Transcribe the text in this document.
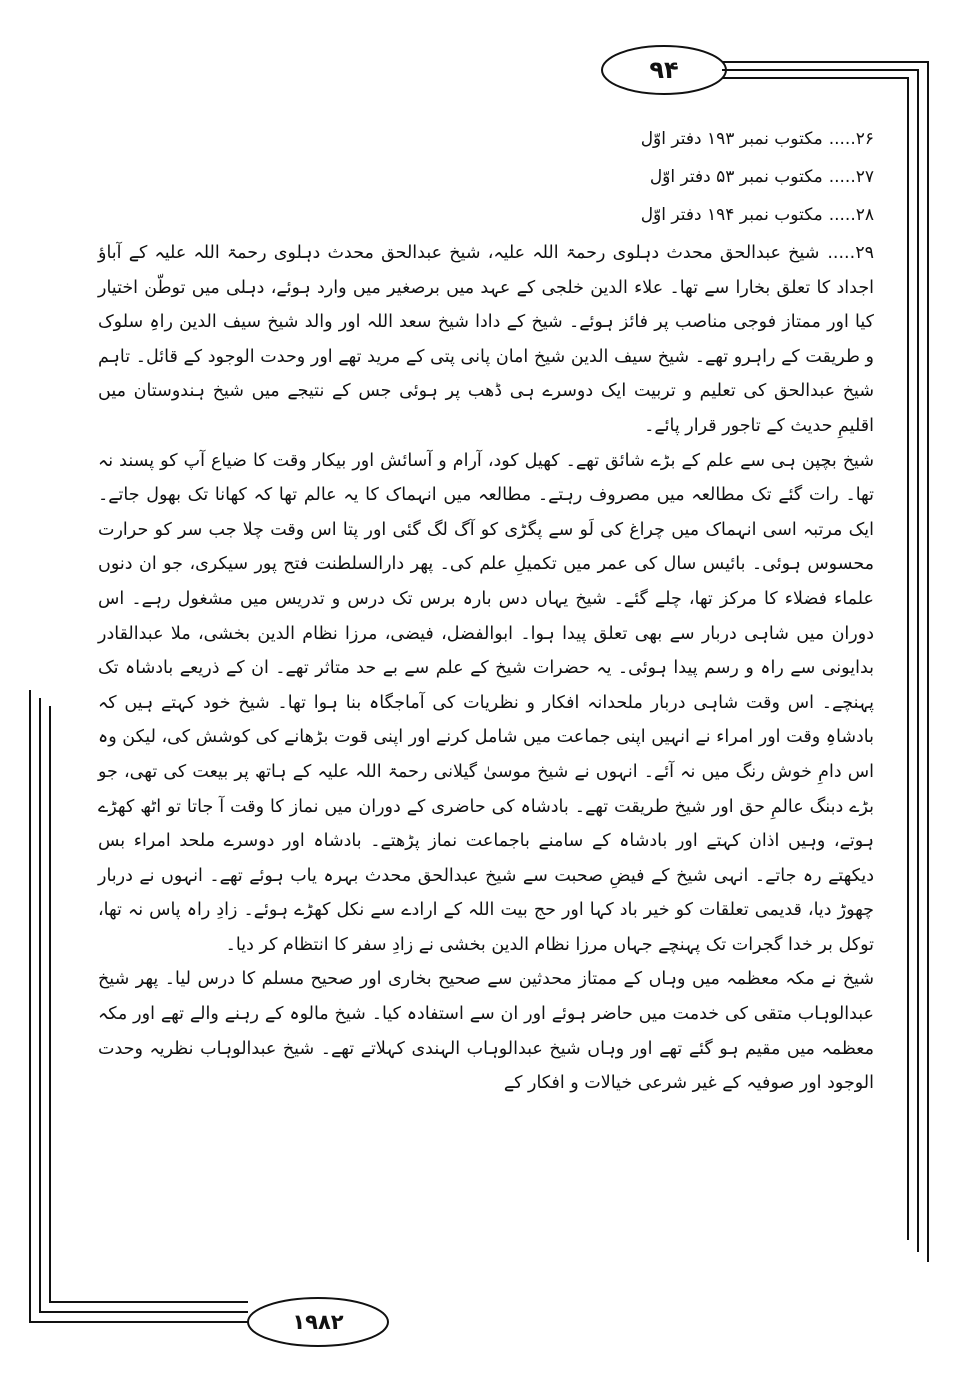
۹۴
۲۶.....مکتوب نمبر ۱۹۳ دفتر اوّل
۲۷.....مکتوب نمبر ۵۳ دفتر اوّل
۲۸.....مکتوب نمبر ۱۹۴ دفتر اوّل

۲۹.....
شیخ عبدالحق محدث دہلوی رحمۃ اللہ علیہ، شیخ عبدالحق محدث دہلوی رحمۃ اللہ علیہ کے آباؤ اجداد کا تعلق بخارا سے تھا۔ علاء الدین خلجی کے عہد میں برصغیر میں وارد ہوئے، دہلی میں توطّن اختیار کیا اور ممتاز فوجی مناصب پر فائز ہوئے۔ شیخ کے دادا شیخ سعد اللہ اور والد شیخ سیف الدین راہِ سلوک و طریقت کے راہرو تھے۔ شیخ سیف الدین شیخ امان پانی پتی کے مرید تھے اور وحدت الوجود کے قائل۔ تاہم شیخ عبدالحق کی تعلیم و تربیت ایک دوسرے ہی ڈھب پر ہوئی جس کے نتیجے میں شیخ ہندوستان میں اقلیمِ حدیث کے تاجور قرار پائے۔

شیخ بچپن ہی سے علم کے بڑے شائق تھے۔ کھیل کود، آرام و آسائش اور بیکار وقت کا ضیاع آپ کو پسند نہ تھا۔ رات گئے تک مطالعہ میں مصروف رہتے۔ مطالعہ میں انہماک کا یہ عالم تھا کہ کھانا تک بھول جاتے۔ ایک مرتبہ اسی انہماک میں چراغ کی لَو سے پگڑی کو آگ لگ گئی اور پتا اس وقت چلا جب سر کو حرارت محسوس ہوئی۔ بائیس سال کی عمر میں تکمیلِ علم کی۔ پھر دارالسلطنت فتح پور سیکری، جو ان دنوں علماء فضلاء کا مرکز تھا، چلے گئے۔ شیخ یہاں دس بارہ برس تک درس و تدریس میں مشغول رہے۔ اس دوران میں شاہی دربار سے بھی تعلق پیدا ہوا۔ ابوالفضل، فیضی، مرزا نظام الدین بخشی، ملا عبدالقادر بدایونی سے راہ و رسم پیدا ہوئی۔ یہ حضرات شیخ کے علم سے بے حد متاثر تھے۔ ان کے ذریعے بادشاہ تک پہنچے۔ اس وقت شاہی دربار ملحدانہ افکار و نظریات کی آماجگاہ بنا ہوا تھا۔ شیخ خود کہتے ہیں کہ بادشاہِ وقت اور امراء نے انہیں اپنی جماعت میں شامل کرنے اور اپنی قوت بڑھانے کی کوشش کی، لیکن وہ اس دامِ خوش رنگ میں نہ آئے۔ انہوں نے شیخ موسیٰ گیلانی رحمۃ اللہ علیہ کے ہاتھ پر بیعت کی تھی، جو بڑے دبنگ عالمِ حق اور شیخ طریقت تھے۔ بادشاہ کی حاضری کے دوران میں نماز کا وقت آ جاتا تو اٹھ کھڑے ہوتے، وہیں اذان کہتے اور بادشاہ کے سامنے باجماعت نماز پڑھتے۔ بادشاہ اور دوسرے ملحد امراء بس دیکھتے رہ جاتے۔ انہی شیخ کے فیضِ صحبت سے شیخ عبدالحق محدث بہرہ یاب ہوئے تھے۔ انہوں نے دربار چھوڑ دیا، قدیمی تعلقات کو خیر باد کہا اور حج بیت اللہ کے ارادے سے نکل کھڑے ہوئے۔ زادِ راہ پاس نہ تھا، توکل بر خدا گجرات تک پہنچے جہاں مرزا نظام الدین بخشی نے زادِ سفر کا انتظام کر دیا۔

شیخ نے مکہ معظمہ میں وہاں کے ممتاز محدثین سے صحیح بخاری اور صحیح مسلم کا درس لیا۔ پھر شیخ عبدالوہاب متقی کی خدمت میں حاضر ہوئے اور ان سے استفادہ کیا۔ شیخ مالوہ کے رہنے والے تھے اور مکہ معظمہ میں مقیم ہو گئے تھے اور وہاں شیخ عبدالوہاب الہندی کہلاتے تھے۔ شیخ عبدالوہاب نظریہ وحدت الوجود اور صوفیہ کے غیر شرعی خیالات و افکار کے

۱۹۸۲
